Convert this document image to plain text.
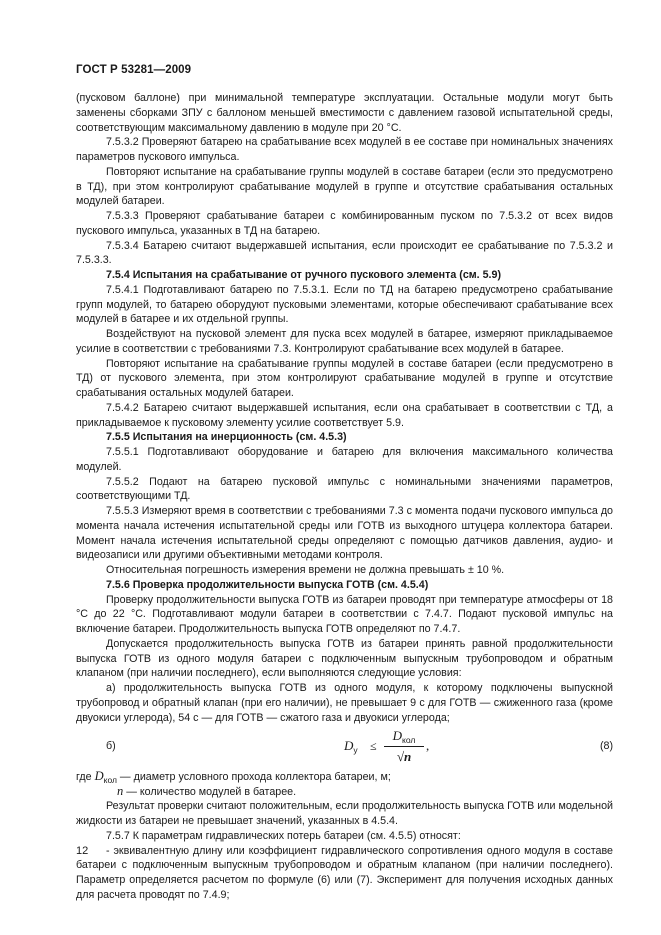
ГОСТ Р 53281—2009

(пусковом баллоне) при минимальной температуре эксплуатации. Остальные модули могут быть заменены сборками ЗПУ с баллоном меньшей вместимости с давлением газовой испытательной среды, соответствующим максимальному давлению в модуле при 20 °С.

7.5.3.2 Проверяют батарею на срабатывание всех модулей в ее составе при номинальных значениях параметров пускового импульса.

Повторяют испытание на срабатывание группы модулей в составе батареи (если это предусмотрено в ТД), при этом контролируют срабатывание модулей в группе и отсутствие срабатывания остальных модулей батареи.

7.5.3.3 Проверяют срабатывание батареи с комбинированным пуском по 7.5.3.2 от всех видов пускового импульса, указанных в ТД на батарею.

7.5.3.4 Батарею считают выдержавшей испытания, если происходит ее срабатывание по 7.5.3.2 и 7.5.3.3.

7.5.4 Испытания на срабатывание от ручного пускового элемента (см. 5.9)

7.5.4.1 Подготавливают батарею по 7.5.3.1. Если по ТД на батарею предусмотрено срабатывание групп модулей, то батарею оборудуют пусковыми элементами, которые обеспечивают срабатывание всех модулей в батарее и их отдельной группы.

Воздействуют на пусковой элемент для пуска всех модулей в батарее, измеряют прикладываемое усилие в соответствии с требованиями 7.3. Контролируют срабатывание всех модулей в батарее.

Повторяют испытание на срабатывание группы модулей в составе батареи (если предусмотрено в ТД) от пускового элемента, при этом контролируют срабатывание модулей в группе и отсутствие срабатывания остальных модулей батареи.

7.5.4.2 Батарею считают выдержавшей испытания, если она срабатывает в соответствии с ТД, а прикладываемое к пусковому элементу усилие соответствует 5.9.

7.5.5 Испытания на инерционность (см. 4.5.3)

7.5.5.1 Подготавливают оборудование и батарею для включения максимального количества модулей.

7.5.5.2 Подают на батарею пусковой импульс с номинальными значениями параметров, соответствующими ТД.

7.5.5.3 Измеряют время в соответствии с требованиями 7.3 с момента подачи пускового импульса до момента начала истечения испытательной среды или ГОТВ из выходного штуцера коллектора батареи. Момент начала истечения испытательной среды определяют с помощью датчиков давления, аудио- и видеозаписи или другими объективными методами контроля.

Относительная погрешность измерения времени не должна превышать ± 10 %.

7.5.6 Проверка продолжительности выпуска ГОТВ (см. 4.5.4)

Проверку продолжительности выпуска ГОТВ из батареи проводят при температуре атмосферы от 18 °С до 22 °С. Подготавливают модули батареи в соответствии с 7.4.7. Подают пусковой импульс на включение батареи. Продолжительность выпуска ГОТВ определяют по 7.4.7.

Допускается продолжительность выпуска ГОТВ из батареи принять равной продолжительности выпуска ГОТВ из одного модуля батареи с подключенным выпускным трубопроводом и обратным клапаном (при наличии последнего), если выполняются следующие условия:

а) продолжительность выпуска ГОТВ из одного модуля, к которому подключены выпускной трубопровод и обратный клапан (при его наличии), не превышает 9 с для ГОТВ — сжиженного газа (кроме двуокиси углерода), 54 с — для ГОТВ — сжатого газа и двуокиси углерода;

б)	$D_у$ ≤
$D_{кол}$
√n
,	(8)
где $D_{кол}$ — диаметр условного прохода коллектора батареи, м;
n — количество модулей в батарее.

Результат проверки считают положительным, если продолжительность выпуска ГОТВ или модельной жидкости из батареи не превышает значений, указанных в 4.5.4.

7.5.7 К параметрам гидравлических потерь батареи (см. 4.5.5) относят:

- эквивалентную длину или коэффициент гидравлического сопротивления одного модуля в составе батареи с подключенным выпускным трубопроводом и обратным клапаном (при наличии последнего). Параметр определяется расчетом по формуле (6) или (7). Эксперимент для получения исходных данных для расчета проводят по 7.4.9;

12
